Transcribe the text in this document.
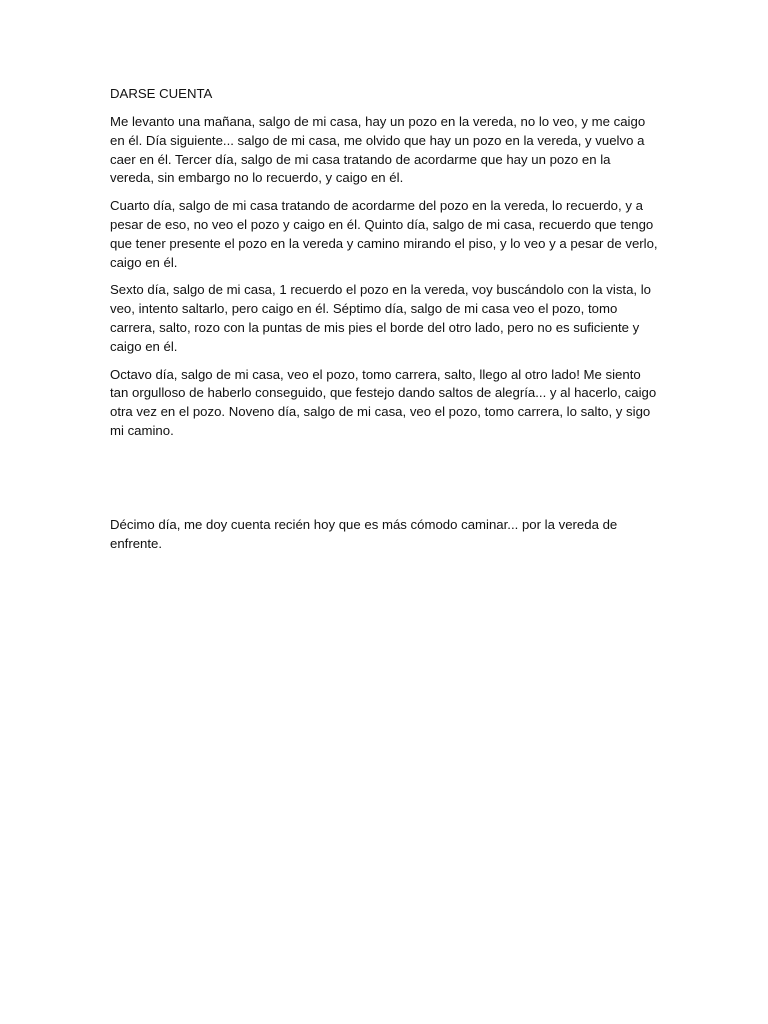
DARSE CUENTA

Me levanto una mañana, salgo de mi casa, hay un pozo en la vereda, no lo veo, y me caigo en él. Día siguiente... salgo de mi casa, me olvido que hay un pozo en la vereda, y vuelvo a caer en él. Tercer día, salgo de mi casa tratando de acordarme que hay un pozo en la vereda, sin embargo no lo recuerdo, y caigo en él.

Cuarto día, salgo de mi casa tratando de acordarme del pozo en la vereda, lo recuerdo, y a pesar de eso, no veo el pozo y caigo en él. Quinto día, salgo de mi casa, recuerdo que tengo que tener presente el pozo en la vereda y camino mirando el piso, y lo veo y a pesar de verlo, caigo en él.

Sexto día, salgo de mi casa, 1 recuerdo el pozo en la vereda, voy buscándolo con la vista, lo veo, intento saltarlo, pero caigo en él. Séptimo día, salgo de mi casa veo el pozo, tomo carrera, salto, rozo con la puntas de mis pies el borde del otro lado, pero no es suficiente y caigo en él.

Octavo día, salgo de mi casa, veo el pozo, tomo carrera, salto, llego al otro lado! Me siento tan orgulloso de haberlo conseguido, que festejo dando saltos de alegría... y al hacerlo, caigo otra vez en el pozo. Noveno día, salgo de mi casa, veo el pozo, tomo carrera, lo salto, y sigo mi camino.

Décimo día, me doy cuenta recién hoy que es más cómodo caminar... por la vereda de enfrente.
